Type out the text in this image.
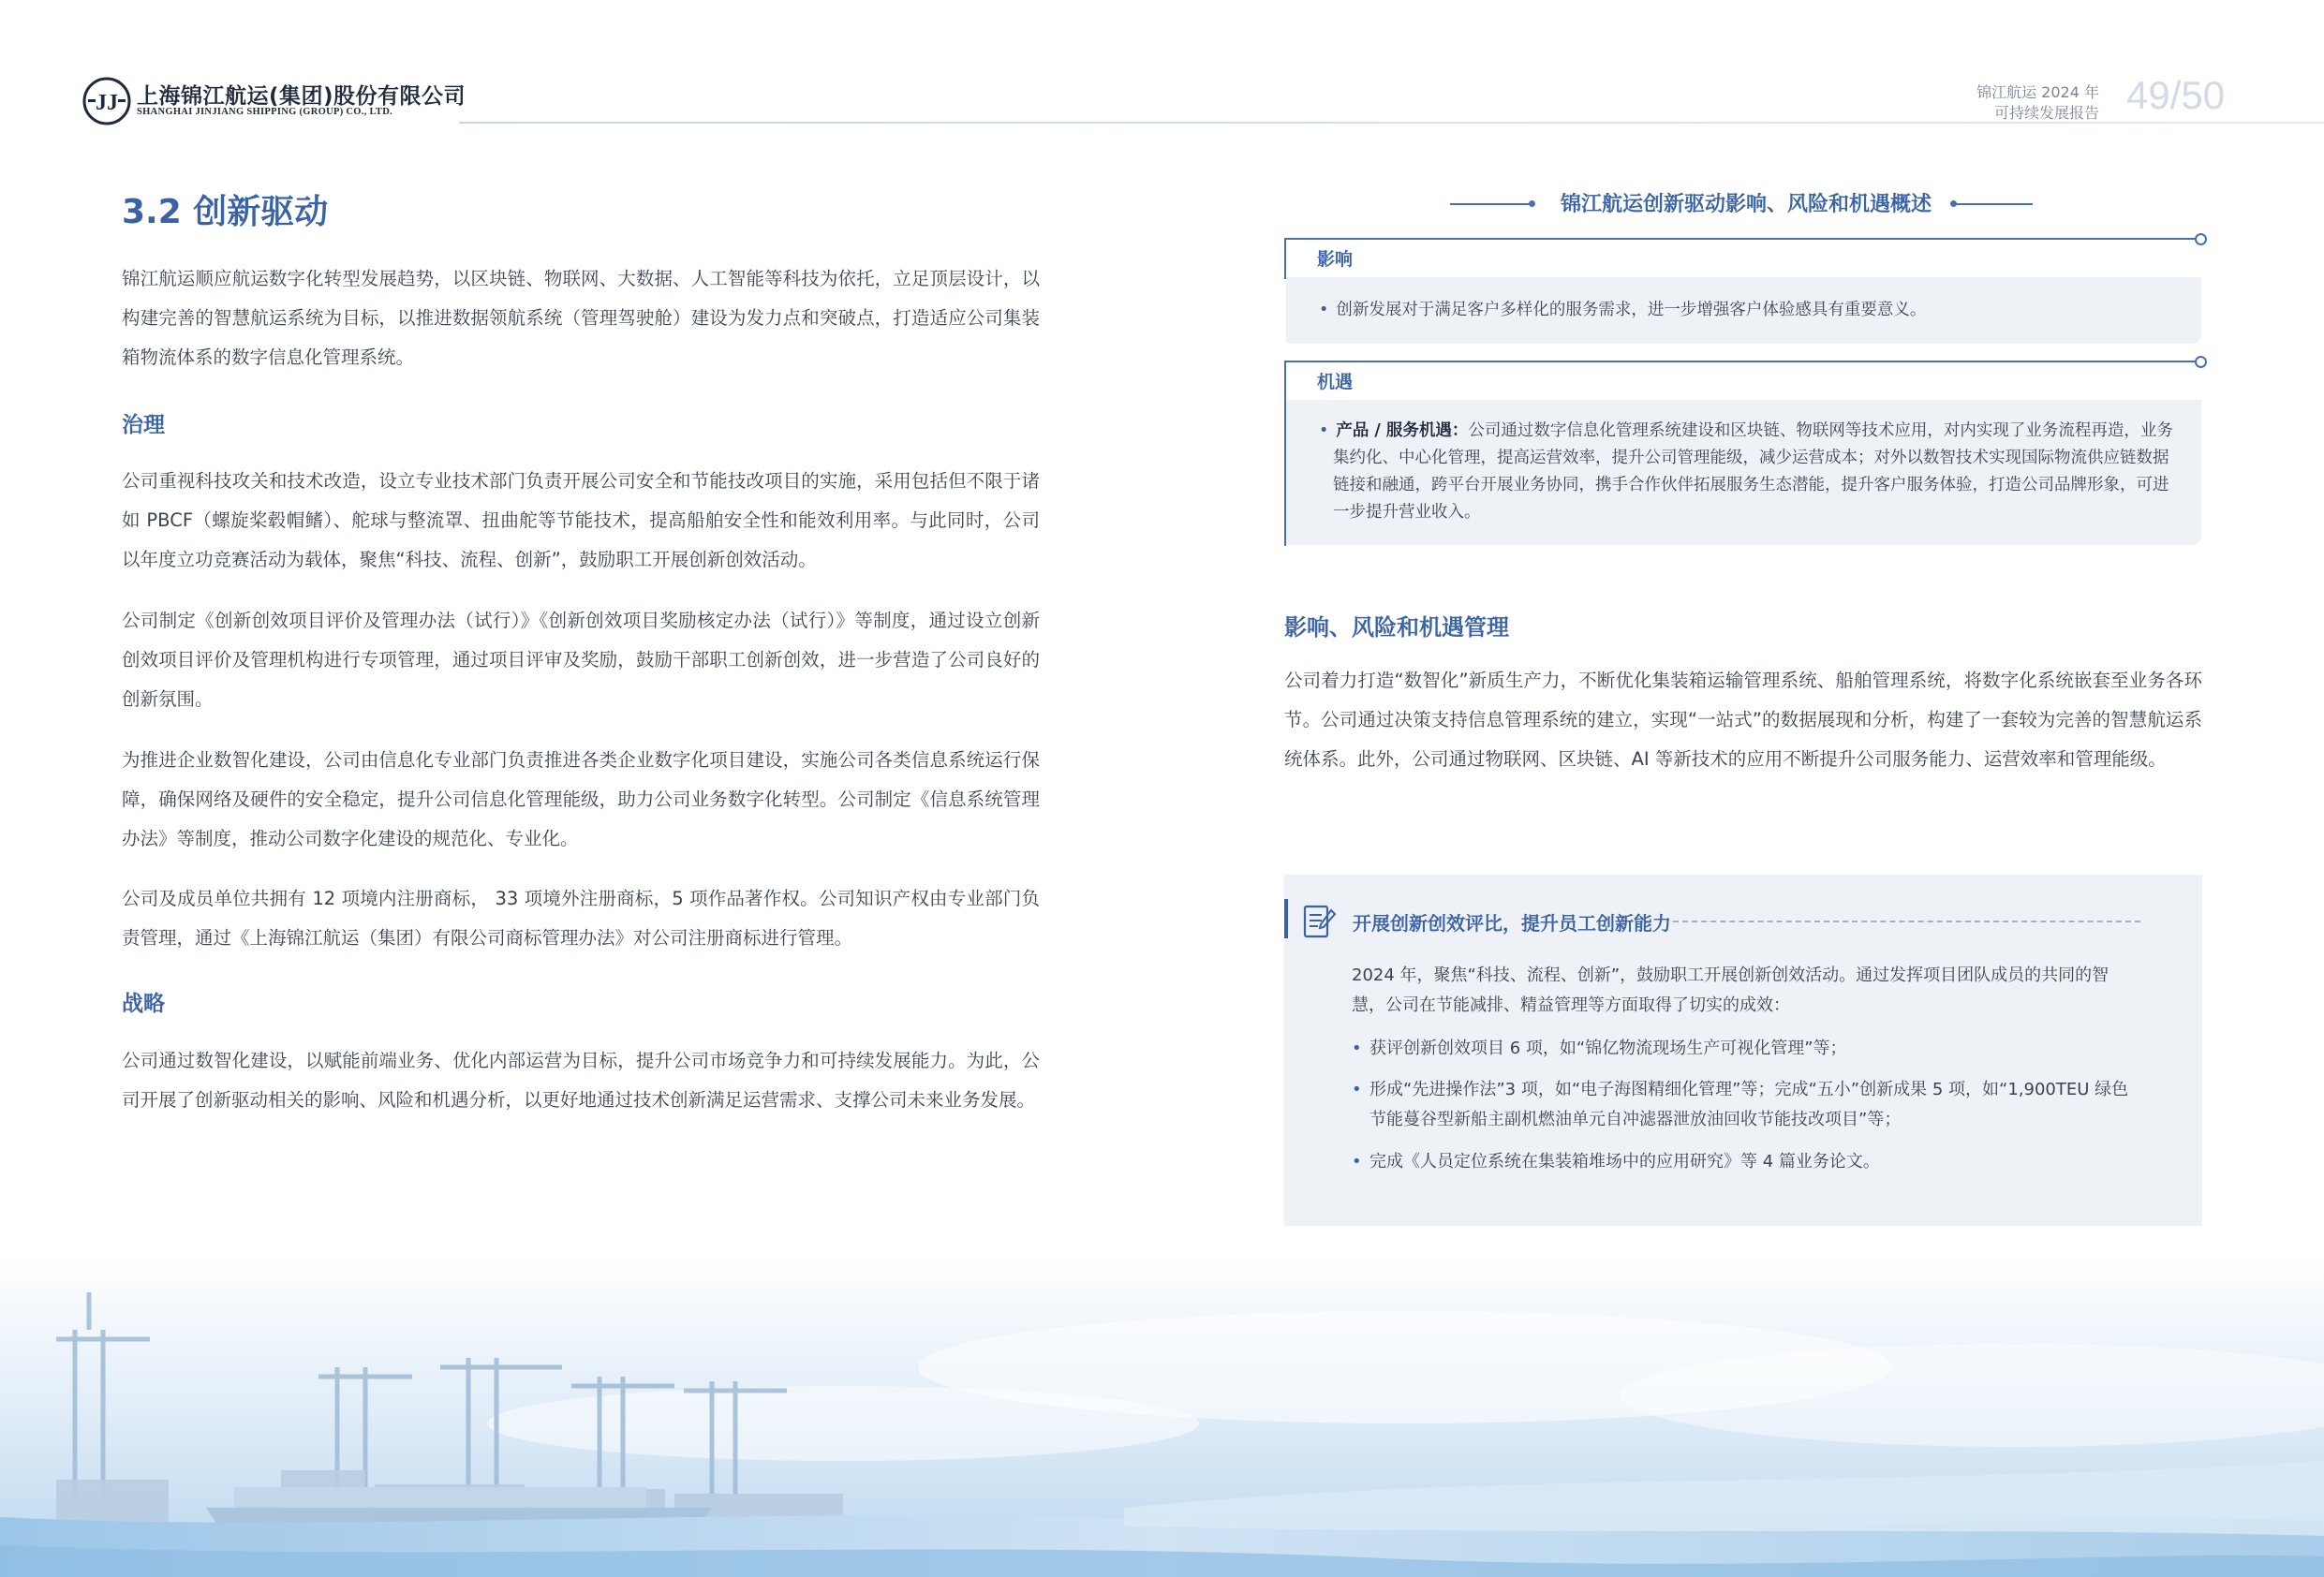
JJ 上海锦江航运(集团)股份有限公司
SHANGHAI JINJIANG SHIPPING (GROUP) CO., LTD.
锦江航运 2024 年
可持续发展报告 49/50
3.2 创新驱动

锦江航运顺应航运数字化转型发展趋势，以区块链、物联网、大数据、人工智能等科技为依托，立足顶层设计，以构建完善的智慧航运系统为目标，以推进数据领航系统（管理驾驶舱）建设为发力点和突破点，打造适应公司集装箱物流体系的数字信息化管理系统。

治理

公司重视科技攻关和技术改造，设立专业技术部门负责开展公司安全和节能技改项目的实施，采用包括但不限于诸如 PBCF（螺旋桨毂帽鳍）、舵球与整流罩、扭曲舵等节能技术，提高船舶安全性和能效利用率。与此同时，公司以年度立功竞赛活动为载体，聚焦“科技、流程、创新”，鼓励职工开展创新创效活动。

公司制定《创新创效项目评价及管理办法（试行）》《创新创效项目奖励核定办法（试行）》等制度，通过设立创新创效项目评价及管理机构进行专项管理，通过项目评审及奖励，鼓励干部职工创新创效，进一步营造了公司良好的创新氛围。

为推进企业数智化建设，公司由信息化专业部门负责推进各类企业数字化项目建设，实施公司各类信息系统运行保障，确保网络及硬件的安全稳定，提升公司信息化管理能级，助力公司业务数字化转型。公司制定《信息系统管理办法》等制度，推动公司数字化建设的规范化、专业化。

公司及成员单位共拥有 12 项境内注册商标， 33 项境外注册商标，5 项作品著作权。公司知识产权由专业部门负责管理，通过《上海锦江航运（集团）有限公司商标管理办法》对公司注册商标进行管理。

战略

公司通过数智化建设，以赋能前端业务、优化内部运营为目标，提升公司市场竞争力和可持续发展能力。为此，公司开展了创新驱动相关的影响、风险和机遇分析，以更好地通过技术创新满足运营需求、支撑公司未来业务发展。

锦江航运创新驱动影响、风险和机遇概述
影响
• 创新发展对于满足客户多样化的服务需求，进一步增强客户体验感具有重要意义。
机遇
• 产品 / 服务机遇：公司通过数字信息化管理系统建设和区块链、物联网等技术应用，对内实现了业务流程再造，业务集约化、中心化管理，提高运营效率，提升公司管理能级，减少运营成本；对外以数智技术实现国际物流供应链数据链接和融通，跨平台开展业务协同，携手合作伙伴拓展服务生态潜能，提升客户服务体验，打造公司品牌形象，可进一步提升营业收入。
影响、风险和机遇管理

公司着力打造“数智化”新质生产力，不断优化集装箱运输管理系统、船舶管理系统，将数字化系统嵌套至业务各环节。公司通过决策支持信息管理系统的建立，实现“一站式”的数据展现和分析，构建了一套较为完善的智慧航运系统体系。此外，公司通过物联网、区块链、AI 等新技术的应用不断提升公司服务能力、运营效率和管理能级。

开展创新创效评比，提升员工创新能力
2024 年，聚焦“科技、流程、创新”，鼓励职工开展创新创效活动。通过发挥项目团队成员的共同的智慧，公司在节能减排、精益管理等方面取得了切实的成效：
• 获评创新创效项目 6 项，如“锦亿物流现场生产可视化管理”等；
• 形成“先进操作法”3 项，如“电子海图精细化管理”等；完成“五小”创新成果 5 项，如“1,900TEU 绿色节能蔓谷型新船主副机燃油单元自冲滤器泄放油回收节能技改项目”等；
• 完成《人员定位系统在集装箱堆场中的应用研究》等 4 篇业务论文。
